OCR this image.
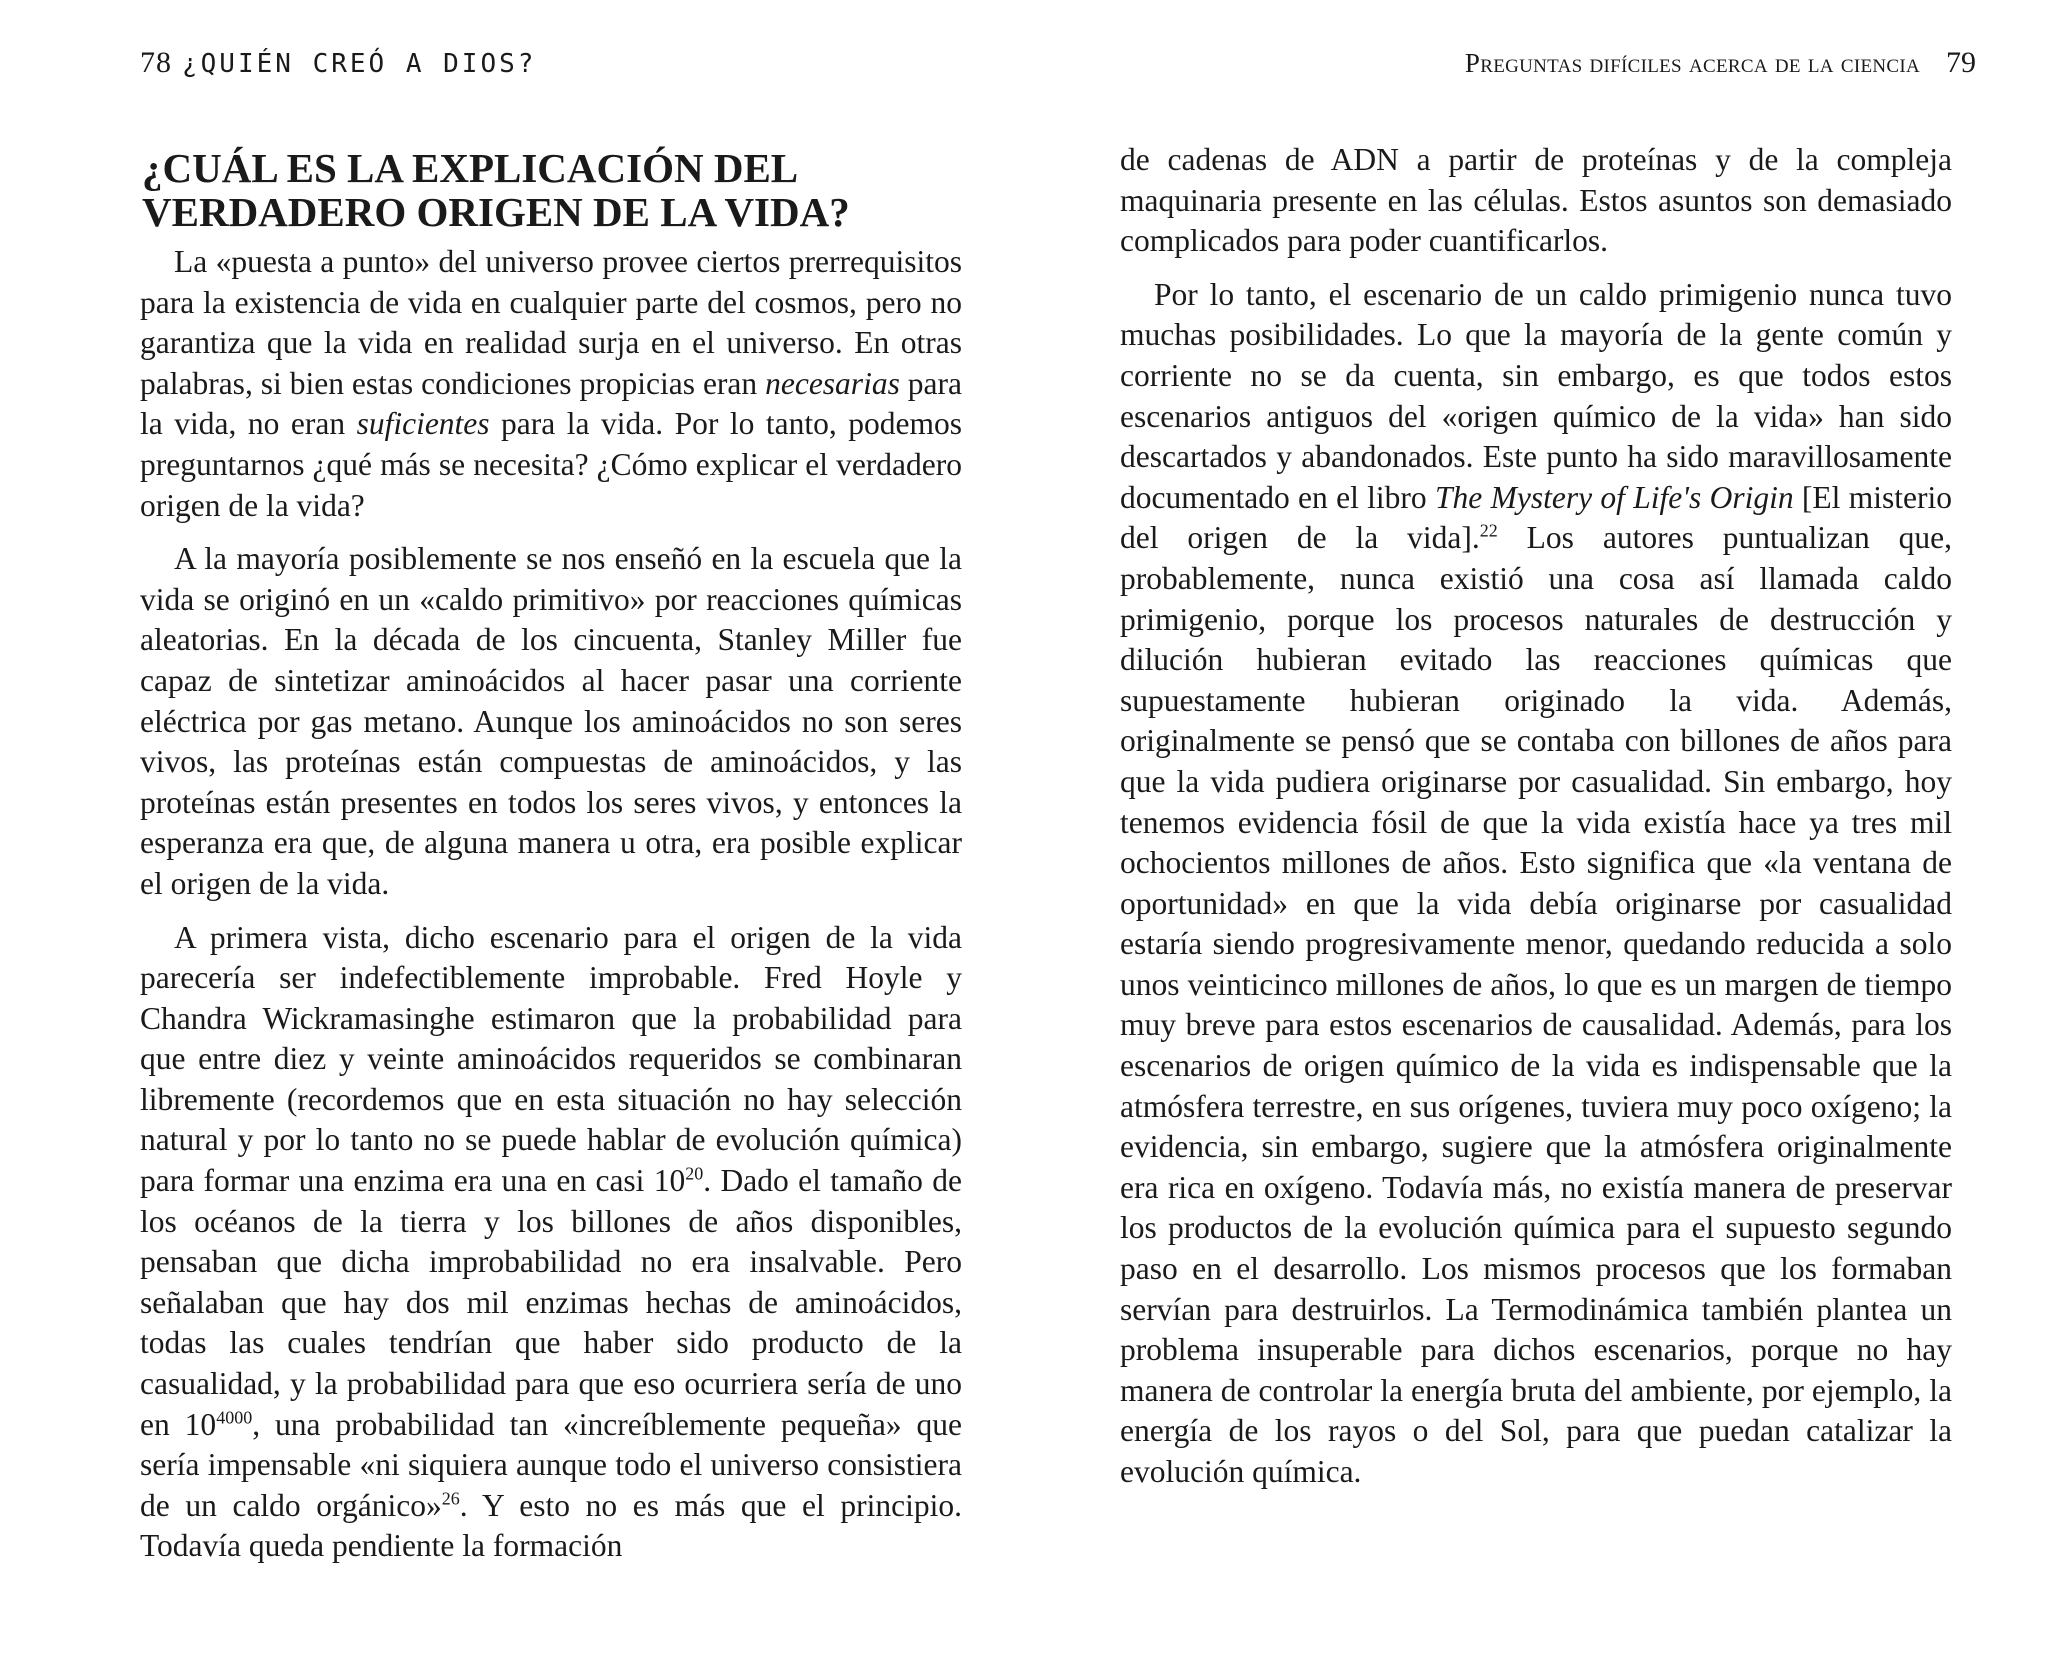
78 ¿QUIÉN CREÓ A DIOS?
¿CUÁL ES LA EXPLICACIÓN DEL VERDADERO ORIGEN DE LA VIDA?

La «puesta a punto» del universo provee ciertos prerrequisitos para la existencia de vida en cualquier parte del cosmos, pero no garantiza que la vida en realidad surja en el universo. En otras palabras, si bien estas condiciones propicias eran necesarias para la vida, no eran suficientes para la vida. Por lo tanto, podemos preguntarnos ¿qué más se necesita? ¿Cómo explicar el verdadero origen de la vida?

A la mayoría posiblemente se nos enseñó en la escuela que la vida se originó en un «caldo primitivo» por reacciones químicas aleatorias. En la década de los cincuenta, Stanley Miller fue capaz de sintetizar aminoácidos al hacer pasar una corriente eléctrica por gas metano. Aunque los aminoácidos no son seres vivos, las proteínas están compuestas de aminoácidos, y las proteínas están presentes en todos los seres vivos, y entonces la esperanza era que, de alguna manera u otra, era posible explicar el origen de la vida.

A primera vista, dicho escenario para el origen de la vida parecería ser indefectiblemente improbable. Fred Hoyle y Chandra Wickramasinghe estimaron que la probabilidad para que entre diez y veinte aminoácidos requeridos se combinaran libremente (recordemos que en esta situación no hay selección natural y por lo tanto no se puede hablar de evolución química) para formar una enzima era una en casi $10^{20}$. Dado el tamaño de los océanos de la tierra y los billones de años disponibles, pensaban que dicha improbabilidad no era insalvable. Pero señalaban que hay dos mil enzimas hechas de aminoácidos, todas las cuales tendrían que haber sido producto de la casualidad, y la probabilidad para que eso ocurriera sería de uno en $10^{4000}$, una probabilidad tan «increíblemente pequeña» que sería impensable «ni siquiera aunque todo el universo consistiera de un caldo orgánico»$^{26}$. Y esto no es más que el principio. Todavía queda pendiente la formación

Preguntas difíciles acerca de la ciencia 79

de cadenas de ADN a partir de proteínas y de la compleja maquinaria presente en las células. Estos asuntos son demasiado complicados para poder cuantificarlos.

Por lo tanto, el escenario de un caldo primigenio nunca tuvo muchas posibilidades. Lo que la mayoría de la gente común y corriente no se da cuenta, sin embargo, es que todos estos escenarios antiguos del «origen químico de la vida» han sido descartados y abandonados. Este punto ha sido maravillosamente documentado en el libro The Mystery of Life's Origin [El misterio del origen de la vida].$^{22}$ Los autores puntualizan que, probablemente, nunca existió una cosa así llamada caldo primigenio, porque los procesos naturales de destrucción y dilución hubieran evitado las reacciones químicas que supuestamente hubieran originado la vida. Además, originalmente se pensó que se contaba con billones de años para que la vida pudiera originarse por casualidad. Sin embargo, hoy tenemos evidencia fósil de que la vida existía hace ya tres mil ochocientos millones de años. Esto significa que «la ventana de oportunidad» en que la vida debía originarse por casualidad estaría siendo progresivamente menor, quedando reducida a solo unos veinticinco millones de años, lo que es un margen de tiempo muy breve para estos escenarios de causalidad. Además, para los escenarios de origen químico de la vida es indispensable que la atmósfera terrestre, en sus orígenes, tuviera muy poco oxígeno; la evidencia, sin embargo, sugiere que la atmósfera originalmente era rica en oxígeno. Todavía más, no existía manera de preservar los productos de la evolución química para el supuesto segundo paso en el desarrollo. Los mismos procesos que los formaban servían para destruirlos. La Termodinámica también plantea un problema insuperable para dichos escenarios, porque no hay manera de controlar la energía bruta del ambiente, por ejemplo, la energía de los rayos o del Sol, para que puedan catalizar la evolución química.
